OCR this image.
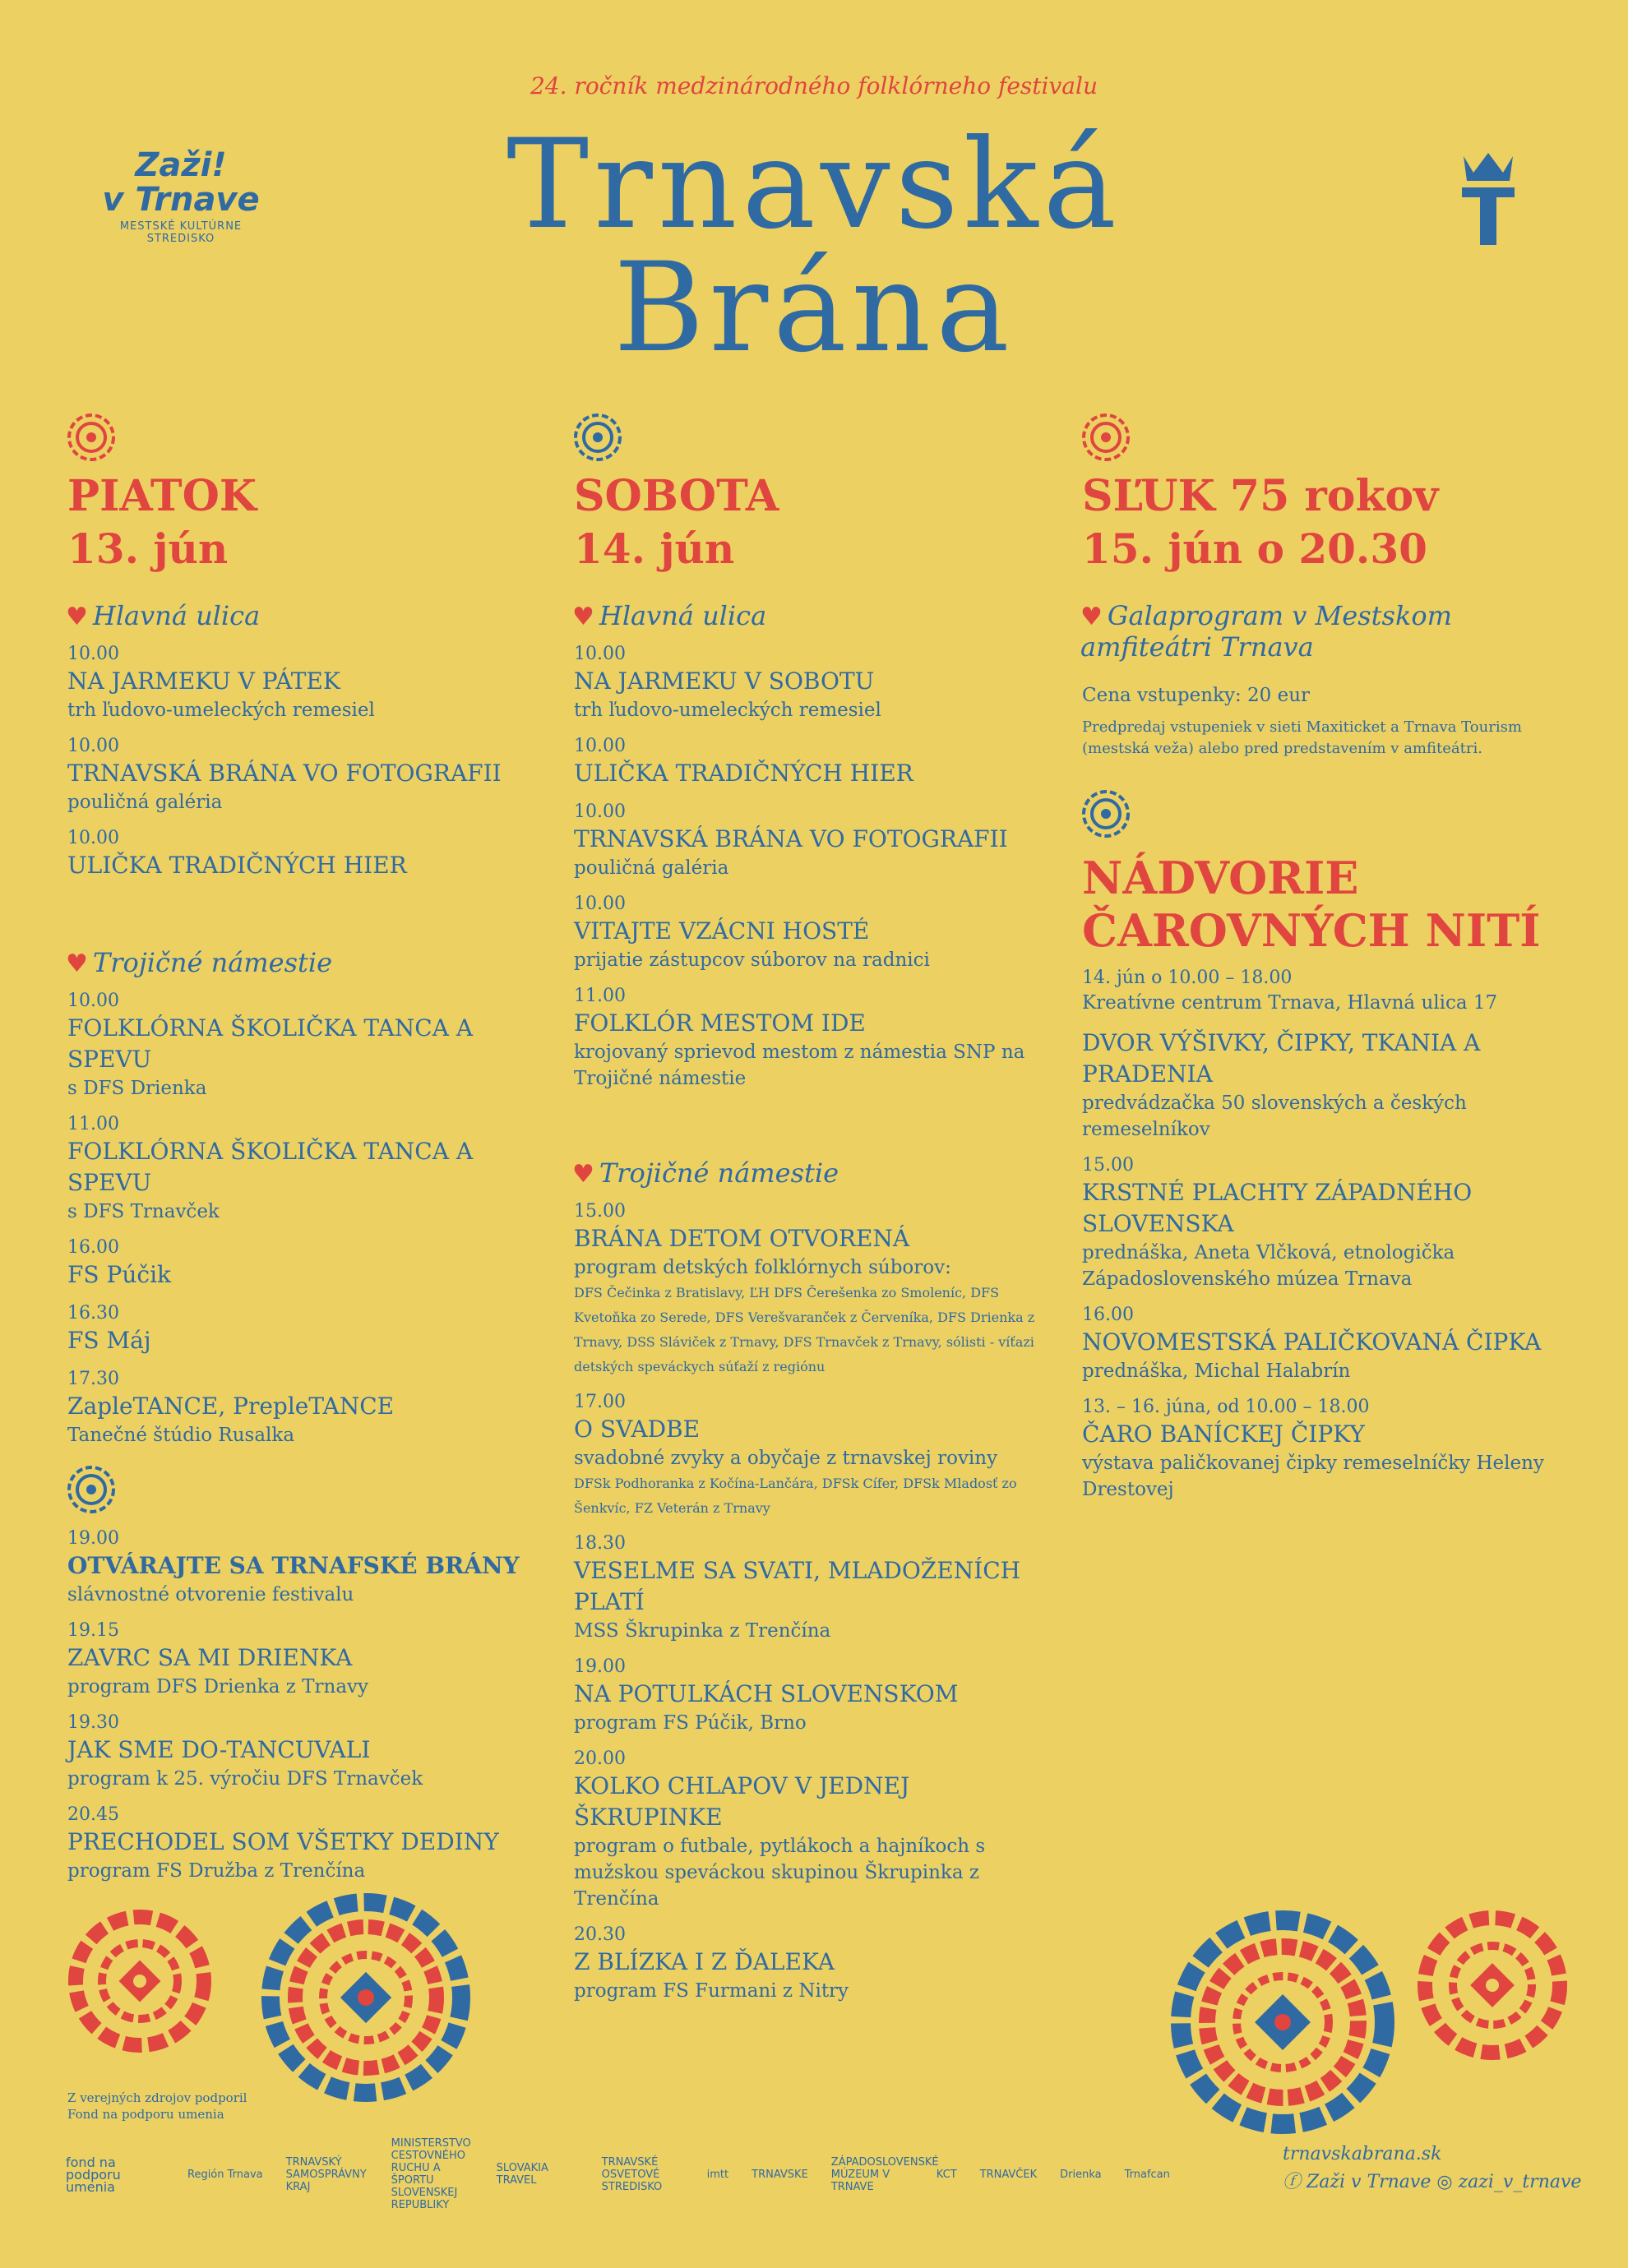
24. ročník medzinárodného folklórneho festivalu
Trnavská
Brána
Zaži!
v Trnave
MESTSKÉ KULTÚRNE STREDISKO
PIATOK
13. jún
♥ Hlavná ulica
10.00
NA JARMEKU V PÁTEK
trh ľudovo-umeleckých remesiel
10.00
TRNAVSKÁ BRÁNA VO FOTOGRAFII
pouličná galéria
10.00
ULIČKA TRADIČNÝCH HIER
♥ Trojičné námestie
10.00
FOLKLÓRNA ŠKOLIČKA TANCA A SPEVU
s DFS Drienka
11.00
FOLKLÓRNA ŠKOLIČKA TANCA A SPEVU
s DFS Trnavček
16.00
FS Púčik
16.30
FS Máj
17.30
ZapleTANCE, PrepleTANCE
Tanečné štúdio Rusalka
19.00
OTVÁRAJTE SA TRNAFSKÉ BRÁNY
slávnostné otvorenie festivalu
19.15
ZAVRC SA MI DRIENKA
program DFS Drienka z Trnavy
19.30
JAK SME DO-TANCUVALI
program k 25. výročiu DFS Trnavček
20.45
PRECHODEL SOM VŠETKY DEDINY
program FS Družba z Trenčína
SOBOTA
14. jún
♥ Hlavná ulica
10.00
NA JARMEKU V SOBOTU
trh ľudovo-umeleckých remesiel
10.00
ULIČKA TRADIČNÝCH HIER
10.00
TRNAVSKÁ BRÁNA VO FOTOGRAFII
pouličná galéria
10.00
VITAJTE VZÁCNI HOSTÉ
prijatie zástupcov súborov na radnici
11.00
FOLKLÓR MESTOM IDE
krojovaný sprievod mestom z námestia SNP na Trojičné námestie
♥ Trojičné námestie
15.00
BRÁNA DETOM OTVORENÁ
program detských folklórnych súborov:
DFS Čečinka z Bratislavy, ĽH DFS Čerešenka zo Smoleníc, DFS Kvetoňka zo Serede, DFS Verešvaranček z Červeníka, DFS Drienka z Trnavy, DSS Sláviček z Trnavy, DFS Trnavček z Trnavy, sólisti - víťazi detských speváckych súťaží z regiónu
17.00
O SVADBE
svadobné zvyky a obyčaje z trnavskej roviny
DFSk Podhoranka z Kočína-Lančára, DFSk Cífer, DFSk Mladosť zo Šenkvíc, FZ Veterán z Trnavy
18.30
VESELME SA SVATI, MLADOŽENÍCH PLATÍ
MSS Škrupinka z Trenčína
19.00
NA POTULKÁCH SLOVENSKOM
program FS Púčik, Brno
20.00
KOLKO CHLAPOV V JEDNEJ ŠKRUPINKE
program o futbale, pytlákoch a hajníkoch s mužskou speváckou skupinou Škrupinka z Trenčína
20.30
Z BLÍZKA I Z ĎALEKA
program FS Furmani z Nitry
SĽUK 75 rokov
15. jún o 20.30
♥ Galaprogram v Mestskom amfiteátri Trnava
Cena vstupenky: 20 eur
Predpredaj vstupeniek v sieti Maxiticket a Trnava Tourism (mestská veža) alebo pred predstavením v amfiteátri.
NÁDVORIE ČAROVNÝCH NITÍ
14. jún o 10.00 – 18.00
Kreatívne centrum Trnava, Hlavná ulica 17
DVOR VÝŠIVKY, ČIPKY, TKANIA A PRADENIA
predvádzačka 50 slovenských a českých remeselníkov
15.00
KRSTNÉ PLACHTY ZÁPADNÉHO SLOVENSKA
prednáška, Aneta Vlčková, etnologička Západoslovenského múzea Trnava
16.00
NOVOMESTSKÁ PALIČKOVANÁ ČIPKA
prednáška, Michal Halabrín
13. – 16. júna, od 10.00 – 18.00
ČARO BANÍCKEJ ČIPKY
výstava paličkovanej čipky remeselníčky Heleny Drestovej
Z verejných zdrojov podporil Fond na podporu umenia
fond na podporu umenia
Región Trnava
TRNAVSKÝ SAMOSPRÁVNY KRAJ
MINISTERSTVO CESTOVNÉHO RUCHU A ŠPORTU SLOVENSKEJ REPUBLIKY
SLOVAKIA TRAVEL
TRNAVSKÉ OSVETOVÉ STREDISKO
imtt TRNAVSKE
ZÁPADOSLOVENSKÉ MÚZEUM V TRNAVE
KCT TRNAVČEK Drienka Trnafcan
trnavskabrana.sk
ⓕ Zaži v Trnave ◎ zazi_v_trnave
